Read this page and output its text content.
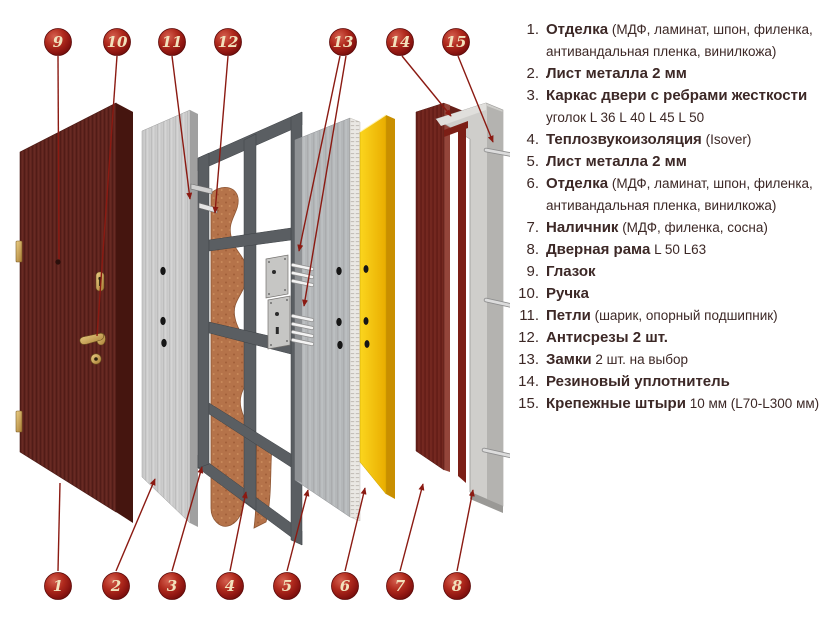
9	10 11 12	13 14 15
1	2	3	4	5	6	7	8
1. Отделка (МДФ, ламинат, шпон, филенка, антивандальная пленка, винилкожа)
2. Лист металла 2 мм
3. Каркас двери с ребрами жесткости уголок L 36 L 40 L 45 L 50
4. Теплозвукоизоляция (Isover)
5. Лист металла 2 мм
6. Отделка (МДФ, ламинат, шпон, филенка, антивандальная пленка, винилкожа)
7. Наличник (МДФ, филенка, сосна)
8. Дверная рама L 50 L63
9. Глазок
10. Ручка
11. Петли (шарик, опорный подшипник)
12. Антисрезы 2 шт.
13. Замки 2 шт. на выбор
14. Резиновый уплотнитель
15. Крепежные штыри 10 мм (L70-L300 мм)
